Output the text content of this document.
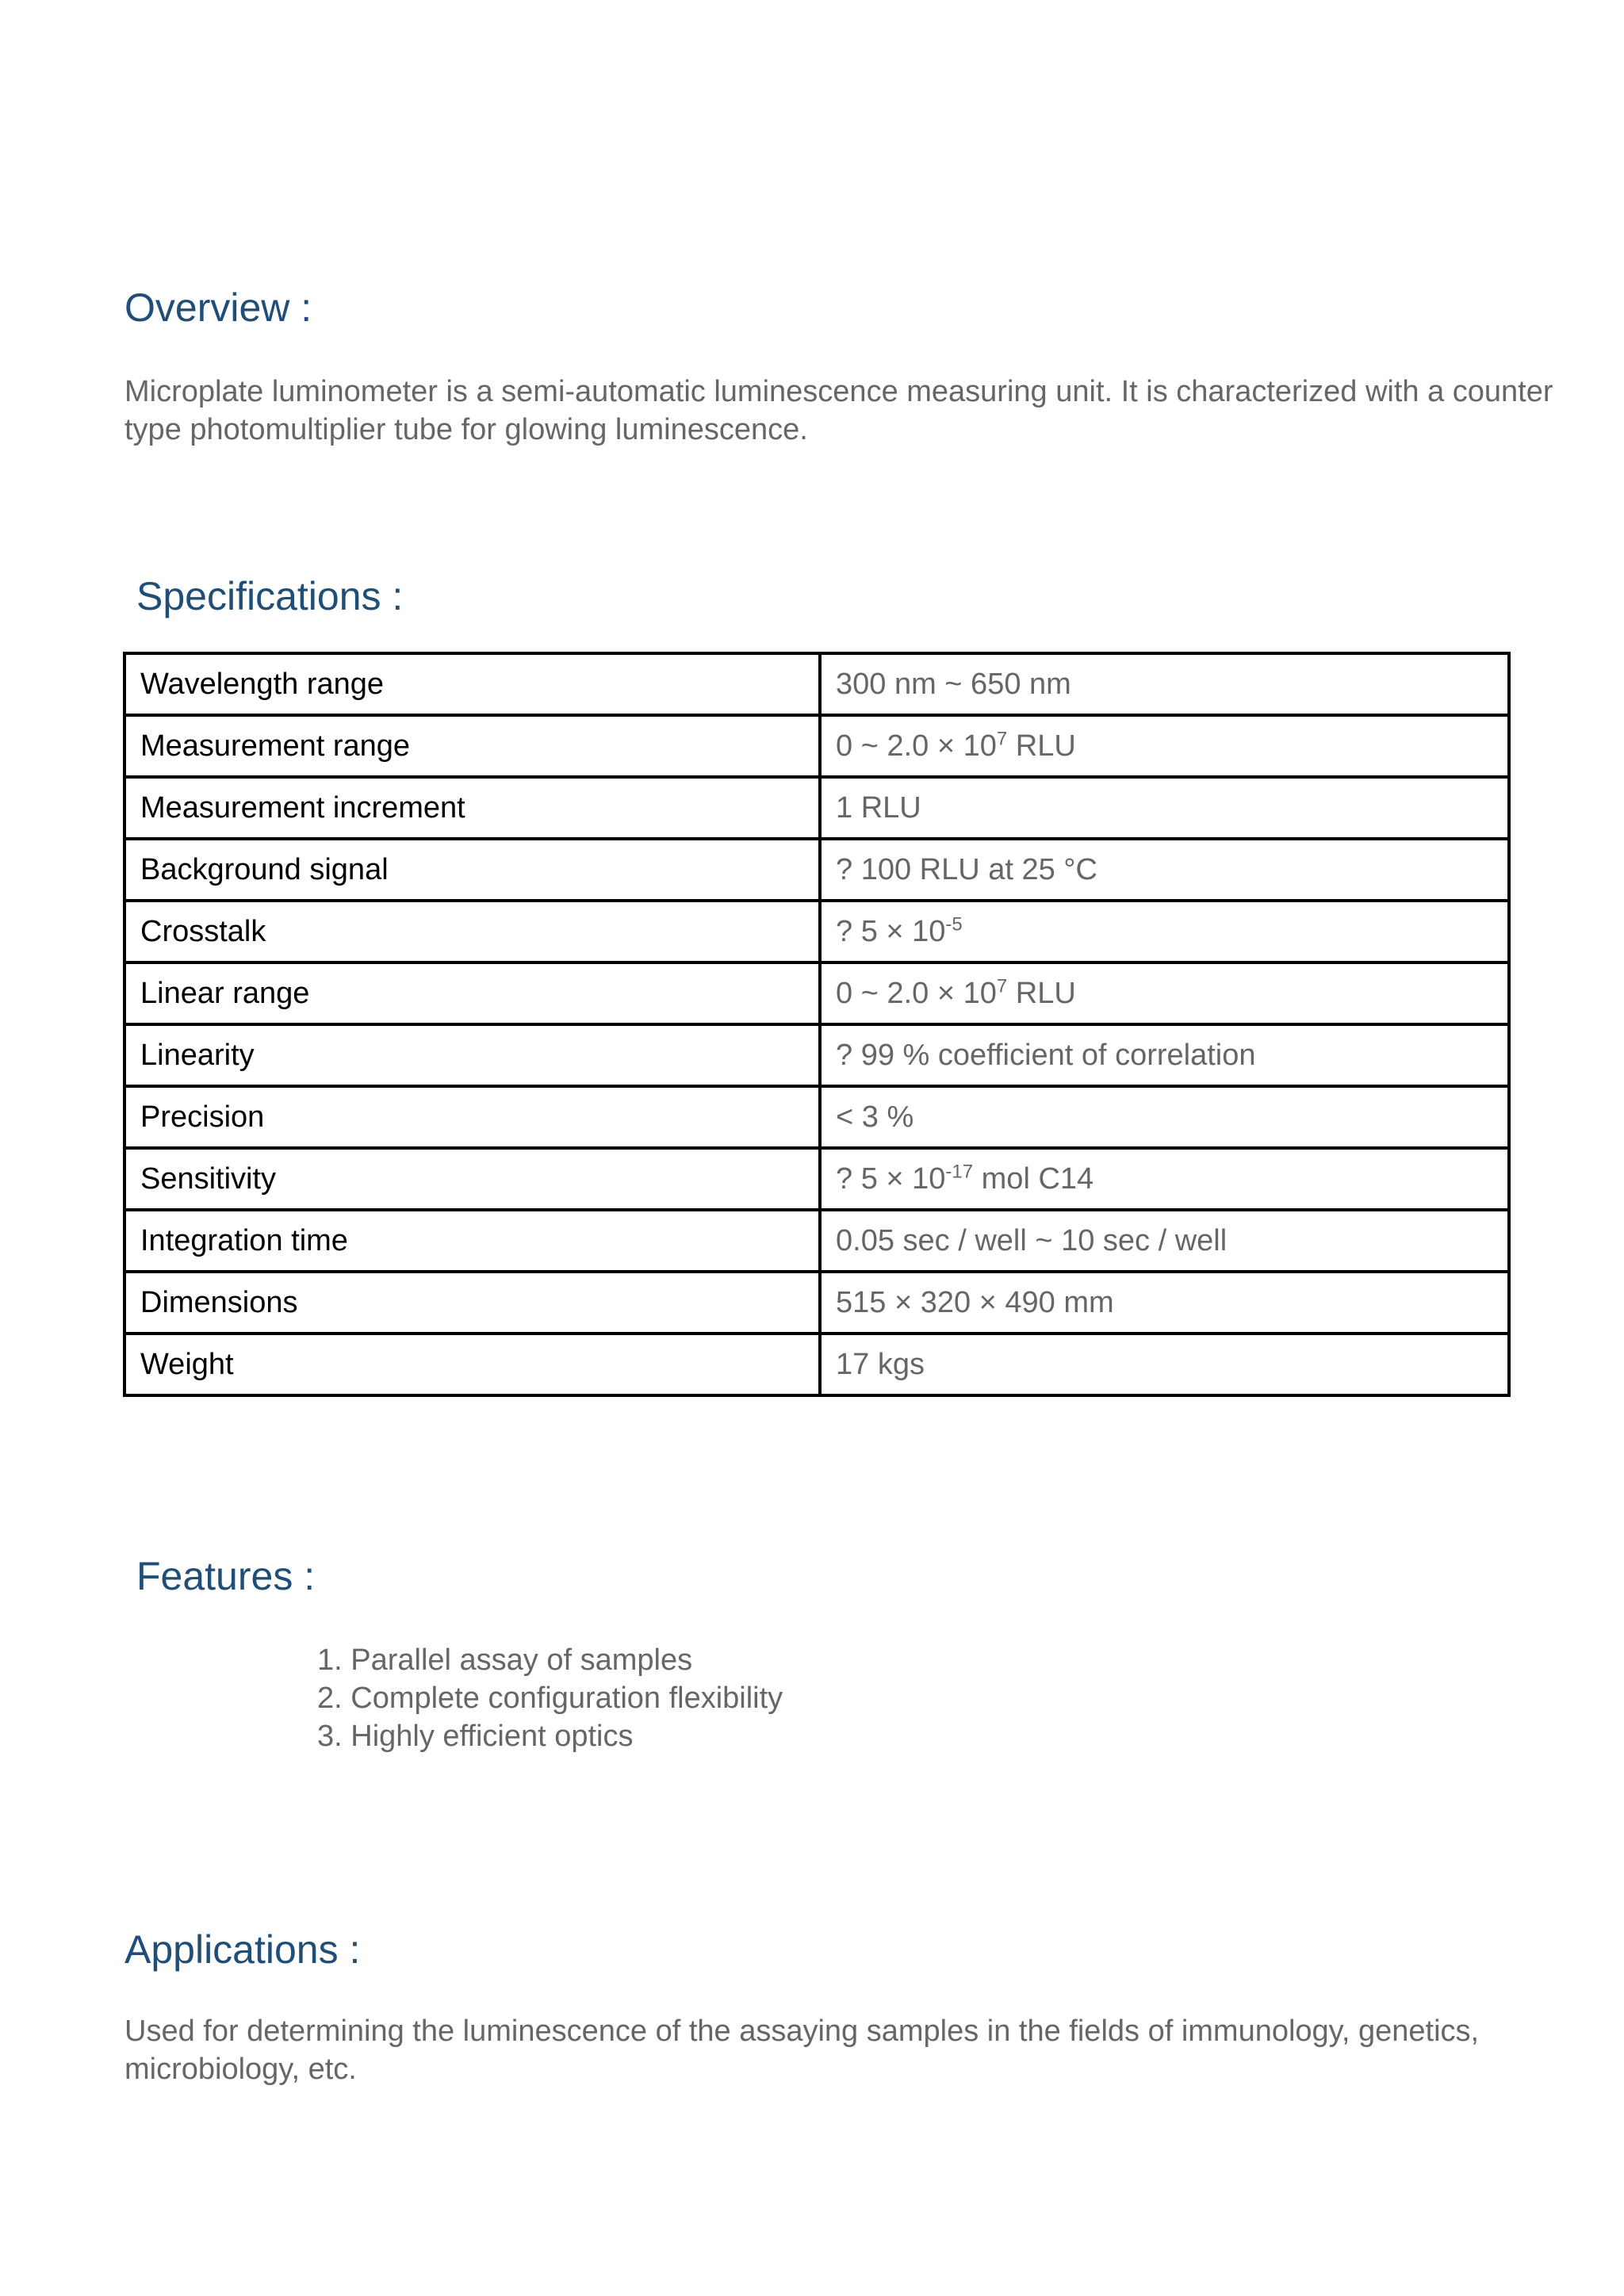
Overview :

Microplate luminometer is a semi-automatic luminescence measuring unit. It is characterized with a counter type photomultiplier tube for glowing luminescence.

Specifications :
Wavelength range	300 nm ~ 650 nm
Measurement range	0 ~ $2.0 \times 10^7$ RLU
Measurement increment	1 RLU
Background signal	? 100 RLU at 25 °C
Crosstalk	? $5 \times 10^{-5}$
Linear range	0 ~ $2.0 \times 10^7$ RLU
Linearity	? 99 % coefficient of correlation
Precision	< 3 %
Sensitivity	? $5 \times 10^{-17}$ mol C14
Integration time	0.05 sec / well ~ 10 sec / well
Dimensions	515 × 320 × 490 mm
Weight	17 kgs
Features :
1. Parallel assay of samples
2. Complete configuration flexibility
3. Highly efficient optics
Applications :

Used for determining the luminescence of the assaying samples in the fields of immunology, genetics, microbiology, etc.
